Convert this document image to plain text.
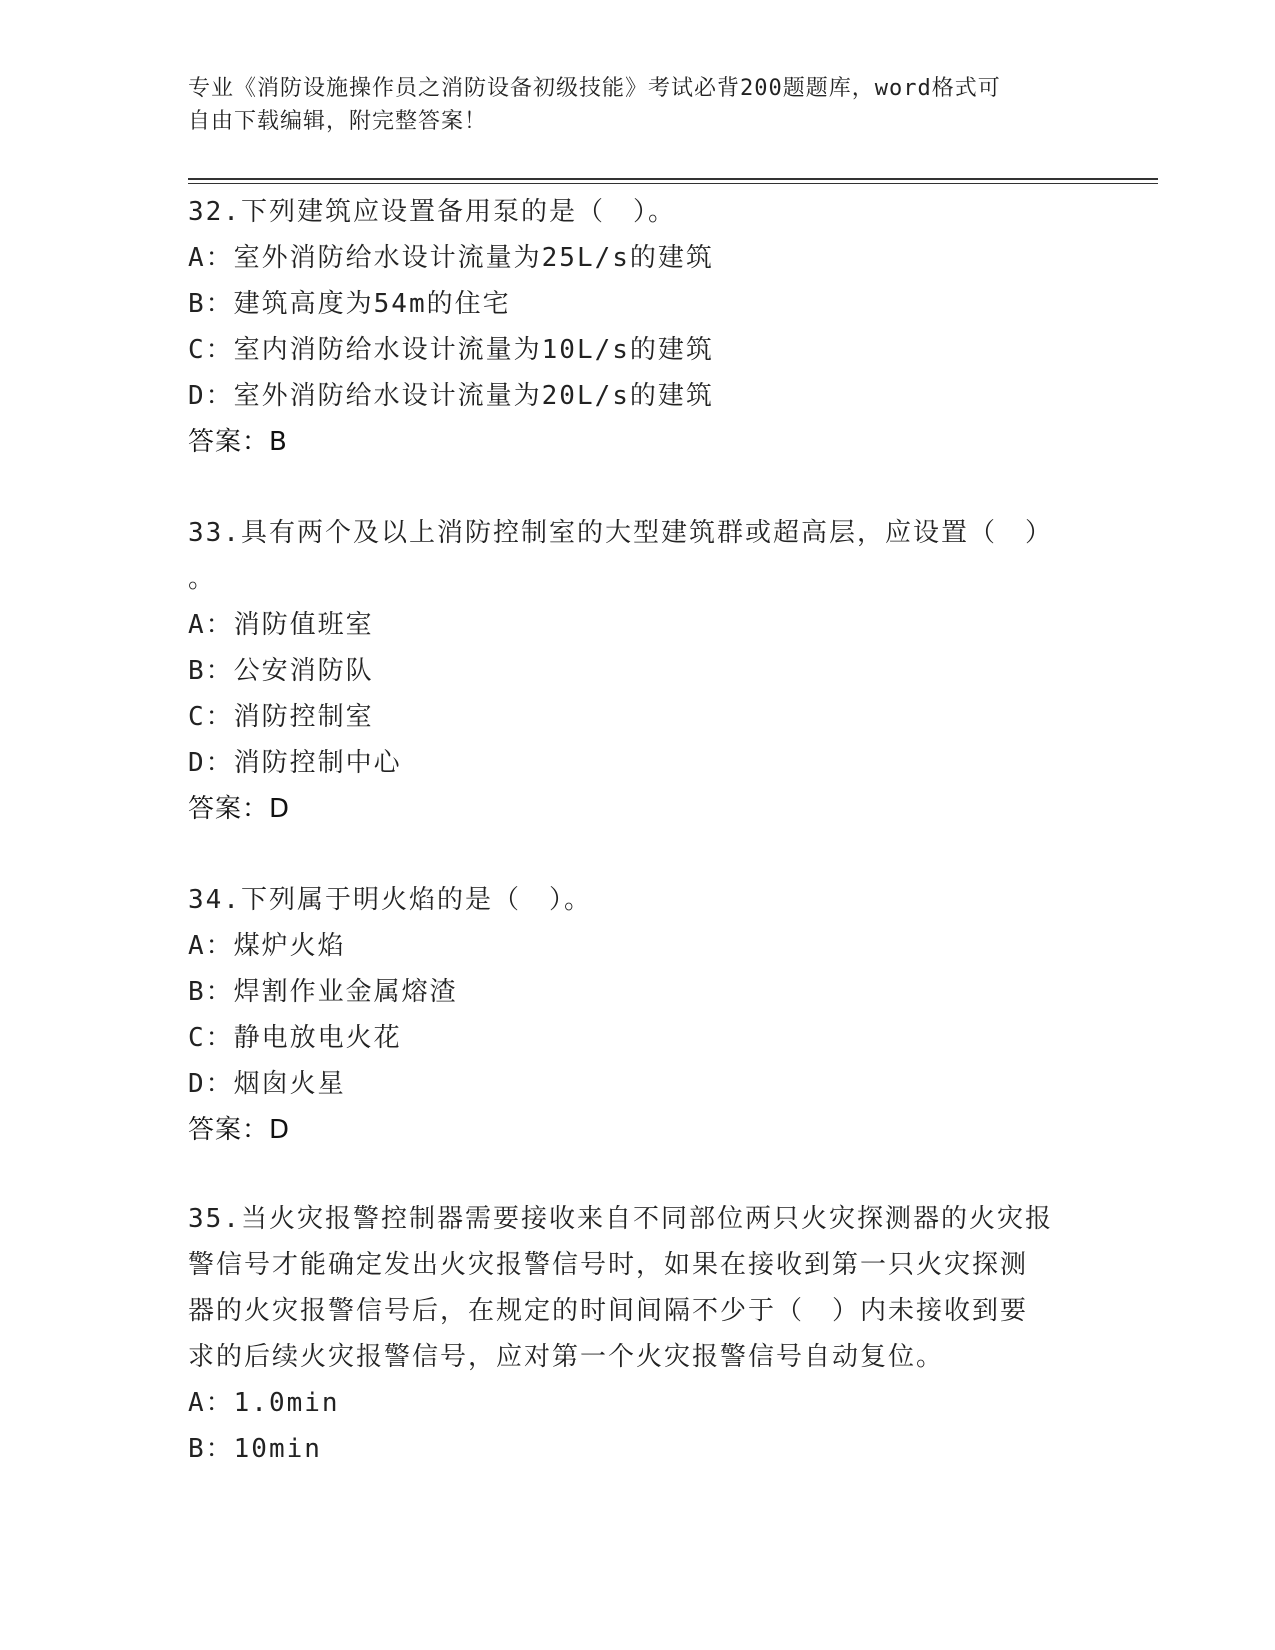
专业《消防设施操作员之消防设备初级技能》考试必背200题题库，word格式可
自由下载编辑，附完整答案！
32.下列建筑应设置备用泵的是（　）。
A：室外消防给水设计流量为25L/s的建筑
B：建筑高度为54m的住宅
C：室内消防给水设计流量为10L/s的建筑
D：室外消防给水设计流量为20L/s的建筑
答案：B
33.具有两个及以上消防控制室的大型建筑群或超高层，应设置（　）
。
A：消防值班室
B：公安消防队
C：消防控制室
D：消防控制中心
答案：D
34.下列属于明火焰的是（　）。
A：煤炉火焰
B：焊割作业金属熔渣
C：静电放电火花
D：烟囱火星
答案：D
35.当火灾报警控制器需要接收来自不同部位两只火灾探测器的火灾报
警信号才能确定发出火灾报警信号时，如果在接收到第一只火灾探测
器的火灾报警信号后，在规定的时间间隔不少于（　）内未接收到要
求的后续火灾报警信号，应对第一个火灾报警信号自动复位。
A：1.0min
B：10min
